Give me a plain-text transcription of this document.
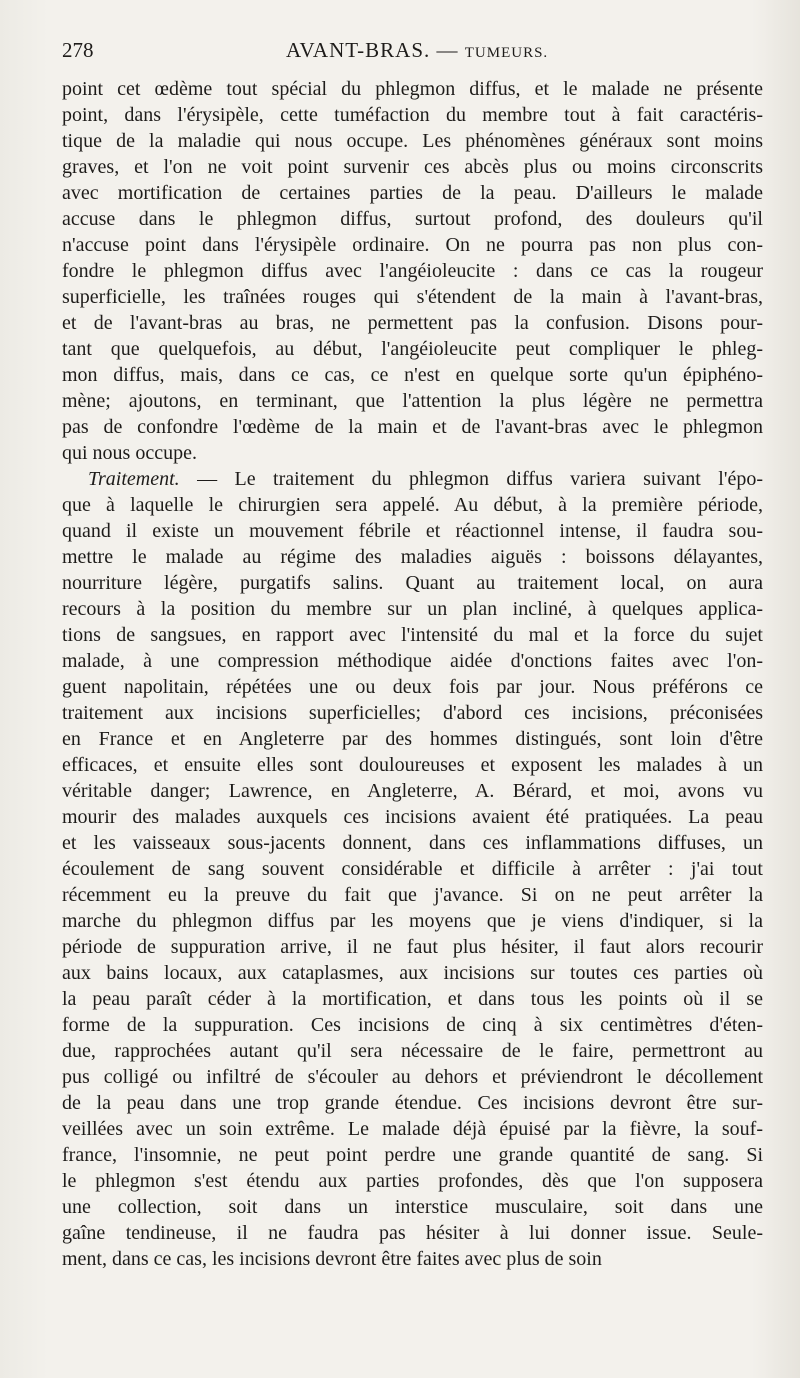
278	AVANT-BRAS. — TUMEURS.
point cet œdème tout spécial du phlegmon diffus, et le malade ne présente
point, dans l'érysipèle, cette tuméfaction du membre tout à fait caractéris-
tique de la maladie qui nous occupe. Les phénomènes généraux sont moins
graves, et l'on ne voit point survenir ces abcès plus ou moins circonscrits
avec mortification de certaines parties de la peau. D'ailleurs le malade
accuse dans le phlegmon diffus, surtout profond, des douleurs qu'il
n'accuse point dans l'érysipèle ordinaire. On ne pourra pas non plus con-
fondre le phlegmon diffus avec l'angéioleucite : dans ce cas la rougeur
superficielle, les traînées rouges qui s'étendent de la main à l'avant-bras,
et de l'avant-bras au bras, ne permettent pas la confusion. Disons pour-
tant que quelquefois, au début, l'angéioleucite peut compliquer le phleg-
mon diffus, mais, dans ce cas, ce n'est en quelque sorte qu'un épiphéno-
mène; ajoutons, en terminant, que l'attention la plus légère ne permettra
pas de confondre l'œdème de la main et de l'avant-bras avec le phlegmon
qui nous occupe.
Traitement. — Le traitement du phlegmon diffus variera suivant l'épo-
que à laquelle le chirurgien sera appelé. Au début, à la première période,
quand il existe un mouvement fébrile et réactionnel intense, il faudra sou-
mettre le malade au régime des maladies aiguës : boissons délayantes,
nourriture légère, purgatifs salins. Quant au traitement local, on aura
recours à la position du membre sur un plan incliné, à quelques applica-
tions de sangsues, en rapport avec l'intensité du mal et la force du sujet
malade, à une compression méthodique aidée d'onctions faites avec l'on-
guent napolitain, répétées une ou deux fois par jour. Nous préférons ce
traitement aux incisions superficielles; d'abord ces incisions, préconisées
en France et en Angleterre par des hommes distingués, sont loin d'être
efficaces, et ensuite elles sont douloureuses et exposent les malades à un
véritable danger; Lawrence, en Angleterre, A. Bérard, et moi, avons vu
mourir des malades auxquels ces incisions avaient été pratiquées. La peau
et les vaisseaux sous-jacents donnent, dans ces inflammations diffuses, un
écoulement de sang souvent considérable et difficile à arrêter : j'ai tout
récemment eu la preuve du fait que j'avance. Si on ne peut arrêter la
marche du phlegmon diffus par les moyens que je viens d'indiquer, si la
période de suppuration arrive, il ne faut plus hésiter, il faut alors recourir
aux bains locaux, aux cataplasmes, aux incisions sur toutes ces parties où
la peau paraît céder à la mortification, et dans tous les points où il se
forme de la suppuration. Ces incisions de cinq à six centimètres d'éten-
due, rapprochées autant qu'il sera nécessaire de le faire, permettront au
pus colligé ou infiltré de s'écouler au dehors et préviendront le décollement
de la peau dans une trop grande étendue. Ces incisions devront être sur-
veillées avec un soin extrême. Le malade déjà épuisé par la fièvre, la souf-
france, l'insomnie, ne peut point perdre une grande quantité de sang. Si
le phlegmon s'est étendu aux parties profondes, dès que l'on supposera
une collection, soit dans un interstice musculaire, soit dans une
gaîne tendineuse, il ne faudra pas hésiter à lui donner issue. Seule-
ment, dans ce cas, les incisions devront être faites avec plus de soin
